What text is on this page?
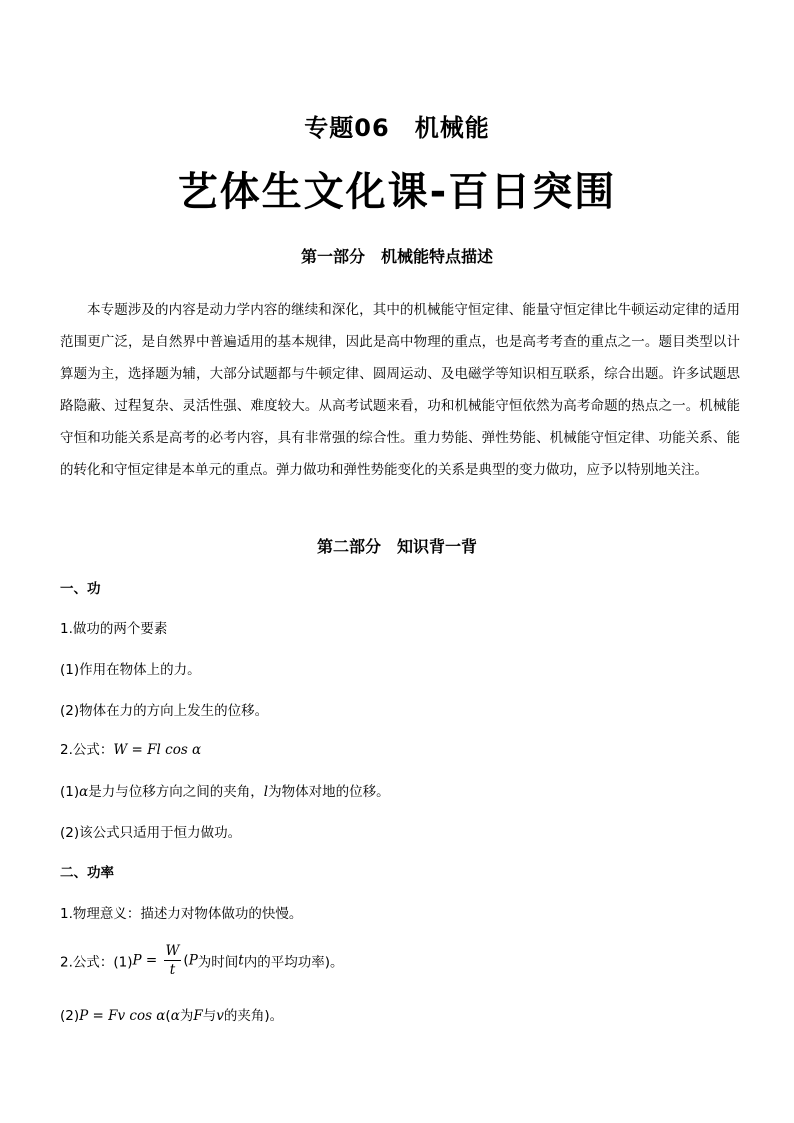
专题06　机械能
艺体生文化课-百日突围
第一部分　机械能特点描述
本专题涉及的内容是动力学内容的继续和深化，其中的机械能守恒定律、能量守恒定律比牛顿运动定律的适用范围更广泛，是自然界中普遍适用的基本规律，因此是高中物理的重点，也是高考考查的重点之一。题目类型以计算题为主，选择题为辅，大部分试题都与牛顿定律、圆周运动、及电磁学等知识相互联系，综合出题。许多试题思路隐蔽、过程复杂、灵活性强、难度较大。从高考试题来看，功和机械能守恒依然为高考命题的热点之一。机械能守恒和功能关系是高考的必考内容，具有非常强的综合性。重力势能、弹性势能、机械能守恒定律、功能关系、能的转化和守恒定律是本单元的重点。弹力做功和弹性势能变化的关系是典型的变力做功，应予以特别地关注。
第二部分　知识背一背
一、功
1.做功的两个要素
(1)作用在物体上的力。
(2)物体在力的方向上发生的位移。
2.公式：W = Fl cos α
(1)α是力与位移方向之间的夹角，l为物体对地的位移。
(2)该公式只适用于恒力做功。
二、功率
1.物理意义：描述力对物体做功的快慢。
2.公式：$(1)P = \frac{W}{t} (P$为时间t内的平均功率)。
(2)P = Fv cos α(α为F与v的夹角)。
